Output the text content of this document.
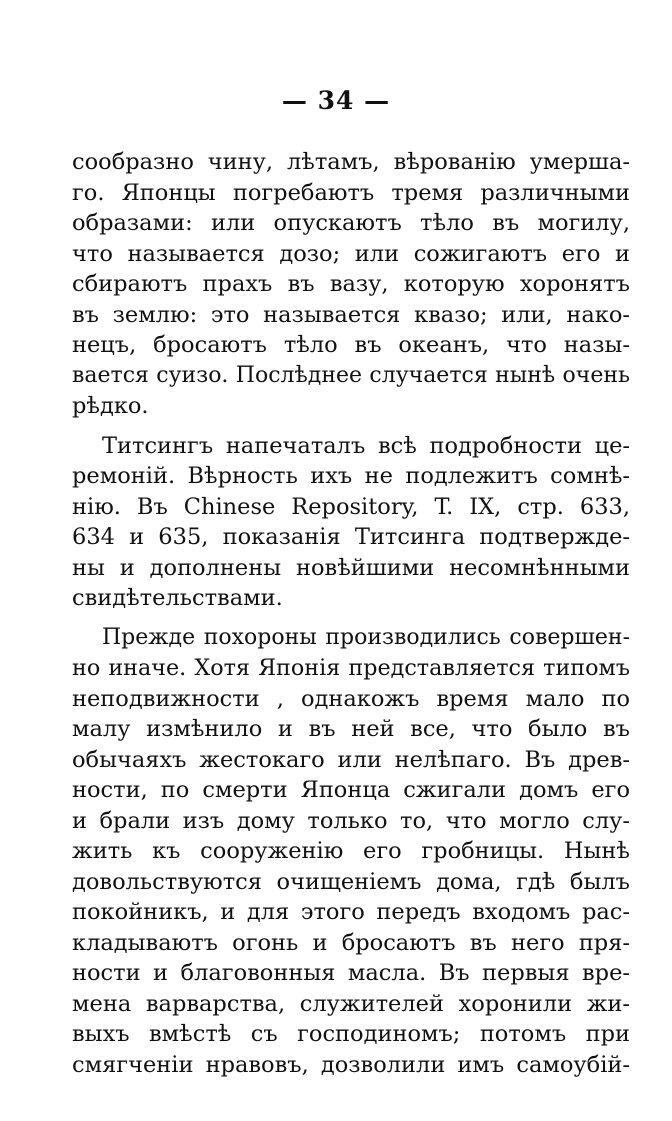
— 34 —
сообразно чину, лѣтамъ, вѣрованію умерша-
го. Японцы погребаютъ тремя различными
образами: или опускаютъ тѣло въ могилу,
что называется дозо; или сожигаютъ его и
сбираютъ прахъ въ вазу, которую хоронятъ
въ землю: это называется квазо; или, нако-
нецъ, бросаютъ тѣло въ океанъ, что назы-
вается суизо. Послѣднее случается нынѣ очень
рѣдко.
Титсингъ напечаталъ всѣ подробности це-
ремоній. Вѣрность ихъ не подлежитъ сомнѣ-
нію. Въ Chinese Repository, T. IX, стр. 633,
634 и 635, показанія Титсинга подтвержде-
ны и дополнены новѣйшими несомнѣнными
свидѣтельствами.
Прежде похороны производились совершен-
но иначе. Хотя Японія представляется типомъ
неподвижности , однакожъ время мало по
малу измѣнило и въ ней все, что было въ
обычаяхъ жестокаго или нелѣпаго. Въ древ-
ности, по смерти Японца сжигали домъ его
и брали изъ дому только то, что могло слу-
жить къ сооруженію его гробницы. Нынѣ
довольствуются очищеніемъ дома, гдѣ былъ
покойникъ, и для этого передъ входомъ рас-
кладываютъ огонь и бросаютъ въ него пря-
ности и благовонныя масла. Въ первыя вре-
мена варварства, служителей хоронили жи-
выхъ вмѣстѣ съ господиномъ; потомъ при
смягченіи нравовъ, дозволили имъ самоубій-
